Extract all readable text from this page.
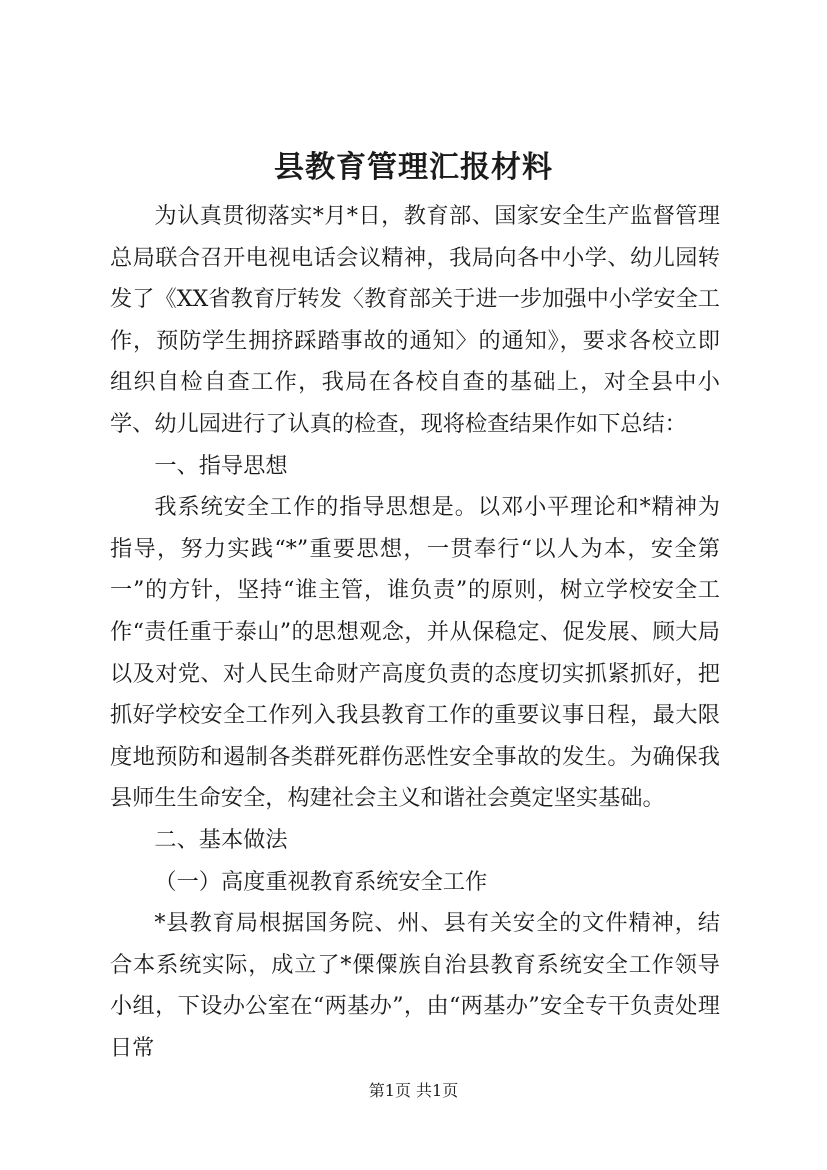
县教育管理汇报材料

为认真贯彻落实*月*日，教育部、国家安全生产监督管理总局联合召开电视电话会议精神，我局向各中小学、幼儿园转发了《XX省教育厅转发〈教育部关于进一步加强中小学安全工作，预防学生拥挤踩踏事故的通知〉的通知》，要求各校立即组织自检自查工作，我局在各校自查的基础上，对全县中小学、幼儿园进行了认真的检查，现将检查结果作如下总结：

一、指导思想

我系统安全工作的指导思想是。以邓小平理论和*精神为指导，努力实践“*”重要思想，一贯奉行“以人为本，安全第一”的方针，坚持“谁主管，谁负责”的原则，树立学校安全工作“责任重于泰山”的思想观念，并从保稳定、促发展、顾大局以及对党、对人民生命财产高度负责的态度切实抓紧抓好，把抓好学校安全工作列入我县教育工作的重要议事日程，最大限度地预防和遏制各类群死群伤恶性安全事故的发生。为确保我县师生生命安全，构建社会主义和谐社会奠定坚实基础。

二、基本做法

（一）高度重视教育系统安全工作

*县教育局根据国务院、州、县有关安全的文件精神，结合本系统实际，成立了*傈僳族自治县教育系统安全工作领导小组，下设办公室在“两基办”，由“两基办”安全专干负责处理日常

第1页 共1页
